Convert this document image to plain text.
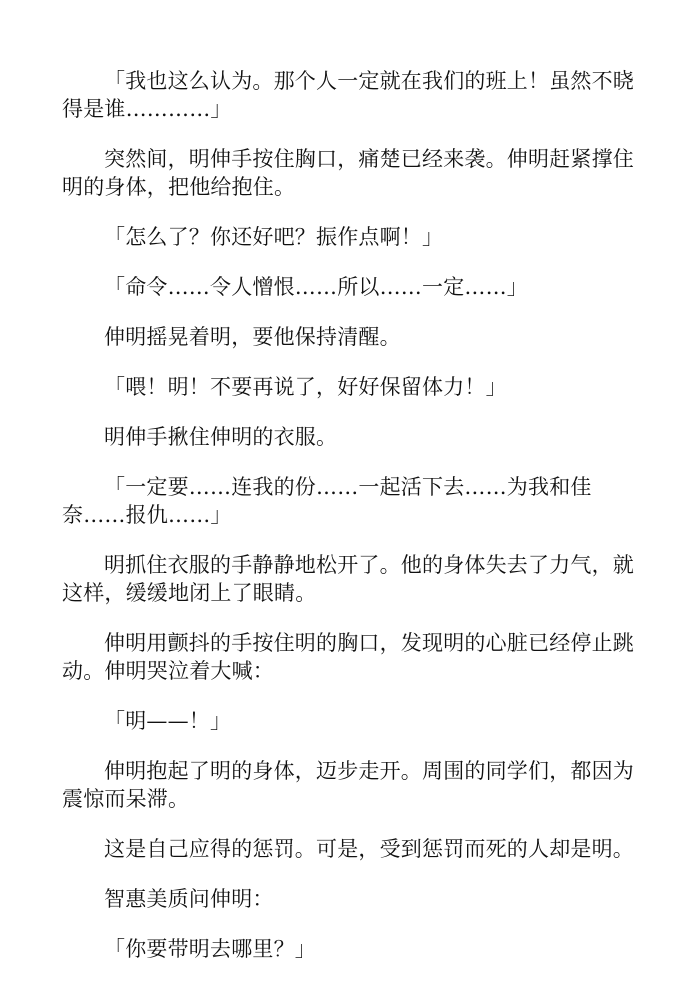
「我也这么认为。那个人一定就在我们的班上！虽然不晓得是谁…………」

突然间，明伸手按住胸口，痛楚已经来袭。伸明赶紧撑住明的身体，把他给抱住。

「怎么了？你还好吧？振作点啊！」

「命令……令人憎恨……所以……一定……」

伸明摇晃着明，要他保持清醒。

「喂！明！不要再说了，好好保留体力！」

明伸手揪住伸明的衣服。

「一定要……连我的份……一起活下去……为我和佳奈……报仇……」

明抓住衣服的手静静地松开了。他的身体失去了力气，就这样，缓缓地闭上了眼睛。

伸明用颤抖的手按住明的胸口，发现明的心脏已经停止跳动。伸明哭泣着大喊：

「明——！」

伸明抱起了明的身体，迈步走开。周围的同学们，都因为震惊而呆滞。

这是自己应得的惩罚。可是，受到惩罚而死的人却是明。

智惠美质问伸明：

「你要带明去哪里？」
